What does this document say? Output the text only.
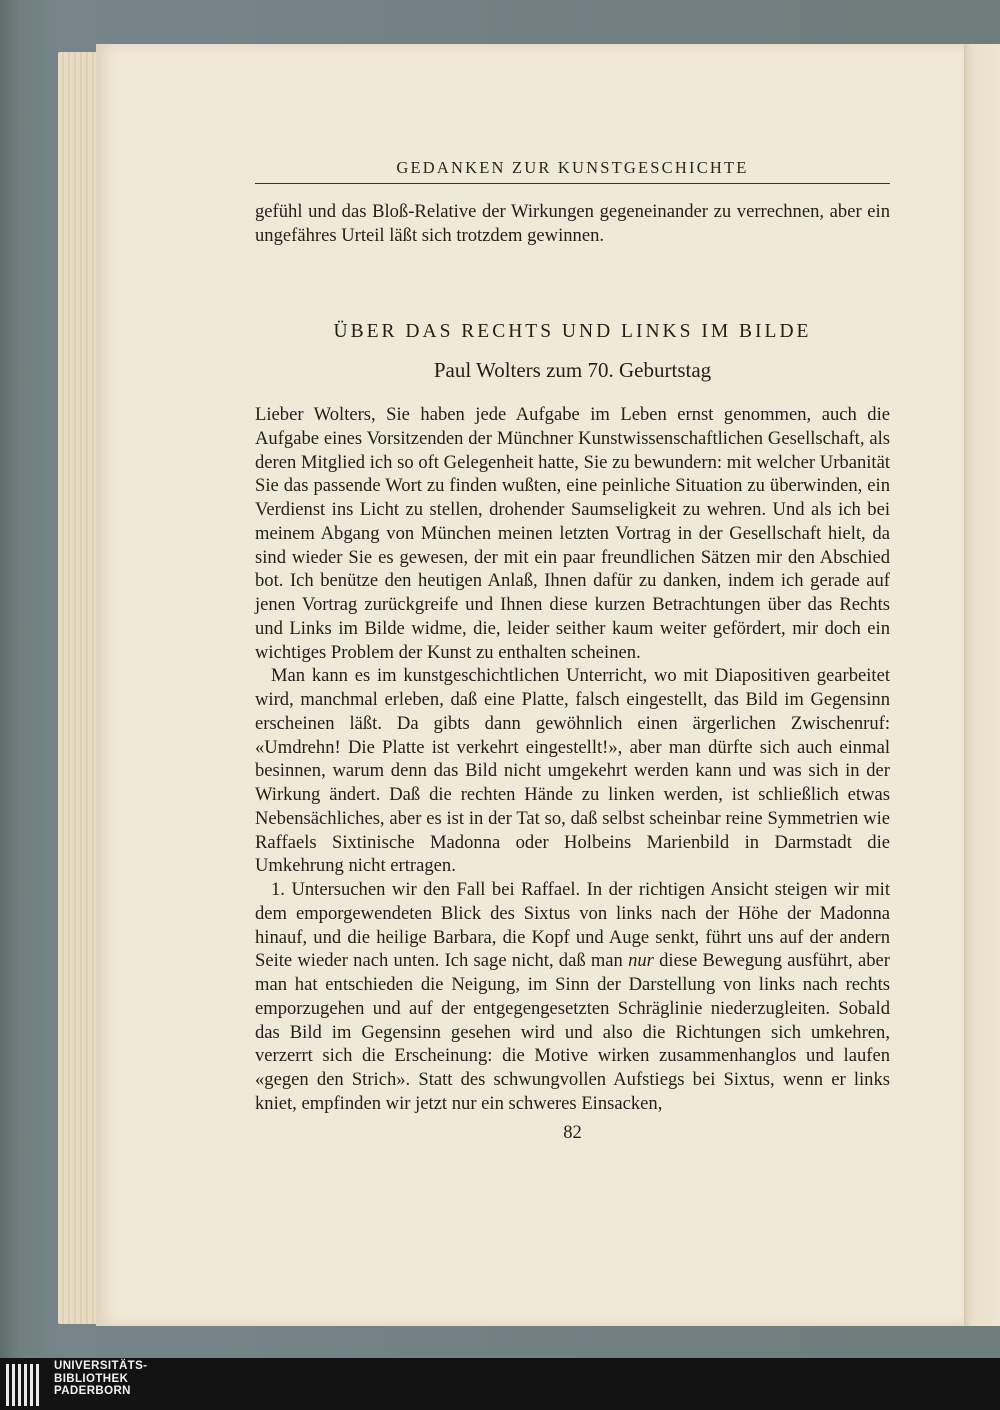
GEDANKEN ZUR KUNSTGESCHICHTE

gefühl und das Bloß-Relative der Wirkungen gegeneinander zu verrechnen, aber ein ungefähres Urteil läßt sich trotzdem gewinnen.

ÜBER DAS RECHTS UND LINKS IM BILDE
Paul Wolters zum 70. Geburtstag

Lieber Wolters, Sie haben jede Aufgabe im Leben ernst genommen, auch die Aufgabe eines Vorsitzenden der Münchner Kunstwissenschaftlichen Gesellschaft, als deren Mitglied ich so oft Gelegenheit hatte, Sie zu bewundern: mit welcher Urbanität Sie das passende Wort zu finden wußten, eine peinliche Situation zu überwinden, ein Verdienst ins Licht zu stellen, drohender Saumseligkeit zu wehren. Und als ich bei meinem Abgang von München meinen letzten Vortrag in der Gesellschaft hielt, da sind wieder Sie es gewesen, der mit ein paar freundlichen Sätzen mir den Abschied bot. Ich benütze den heutigen Anlaß, Ihnen dafür zu danken, indem ich gerade auf jenen Vortrag zurückgreife und Ihnen diese kurzen Betrachtungen über das Rechts und Links im Bilde widme, die, leider seither kaum weiter gefördert, mir doch ein wichtiges Problem der Kunst zu enthalten scheinen.

Man kann es im kunstgeschichtlichen Unterricht, wo mit Diapositiven gearbeitet wird, manchmal erleben, daß eine Platte, falsch eingestellt, das Bild im Gegensinn erscheinen läßt. Da gibts dann gewöhnlich einen ärgerlichen Zwischenruf: «Umdrehn! Die Platte ist verkehrt eingestellt!», aber man dürfte sich auch einmal besinnen, warum denn das Bild nicht umgekehrt werden kann und was sich in der Wirkung ändert. Daß die rechten Hände zu linken werden, ist schließlich etwas Nebensächliches, aber es ist in der Tat so, daß selbst scheinbar reine Symmetrien wie Raffaels Sixtinische Madonna oder Holbeins Marienbild in Darmstadt die Umkehrung nicht ertragen.

1. Untersuchen wir den Fall bei Raffael. In der richtigen Ansicht steigen wir mit dem emporgewendeten Blick des Sixtus von links nach der Höhe der Madonna hinauf, und die heilige Barbara, die Kopf und Auge senkt, führt uns auf der andern Seite wieder nach unten. Ich sage nicht, daß man nur diese Bewegung ausführt, aber man hat entschieden die Neigung, im Sinn der Darstellung von links nach rechts emporzugehen und auf der entgegengesetzten Schräglinie niederzugleiten. Sobald das Bild im Gegensinn gesehen wird und also die Richtungen sich umkehren, verzerrt sich die Erscheinung: die Motive wirken zusammenhanglos und laufen «gegen den Strich». Statt des schwungvollen Aufstiegs bei Sixtus, wenn er links kniet, empfinden wir jetzt nur ein schweres Einsacken,

82
UNIVERSITÄTS-
BIBLIOTHEK
PADERBORN
